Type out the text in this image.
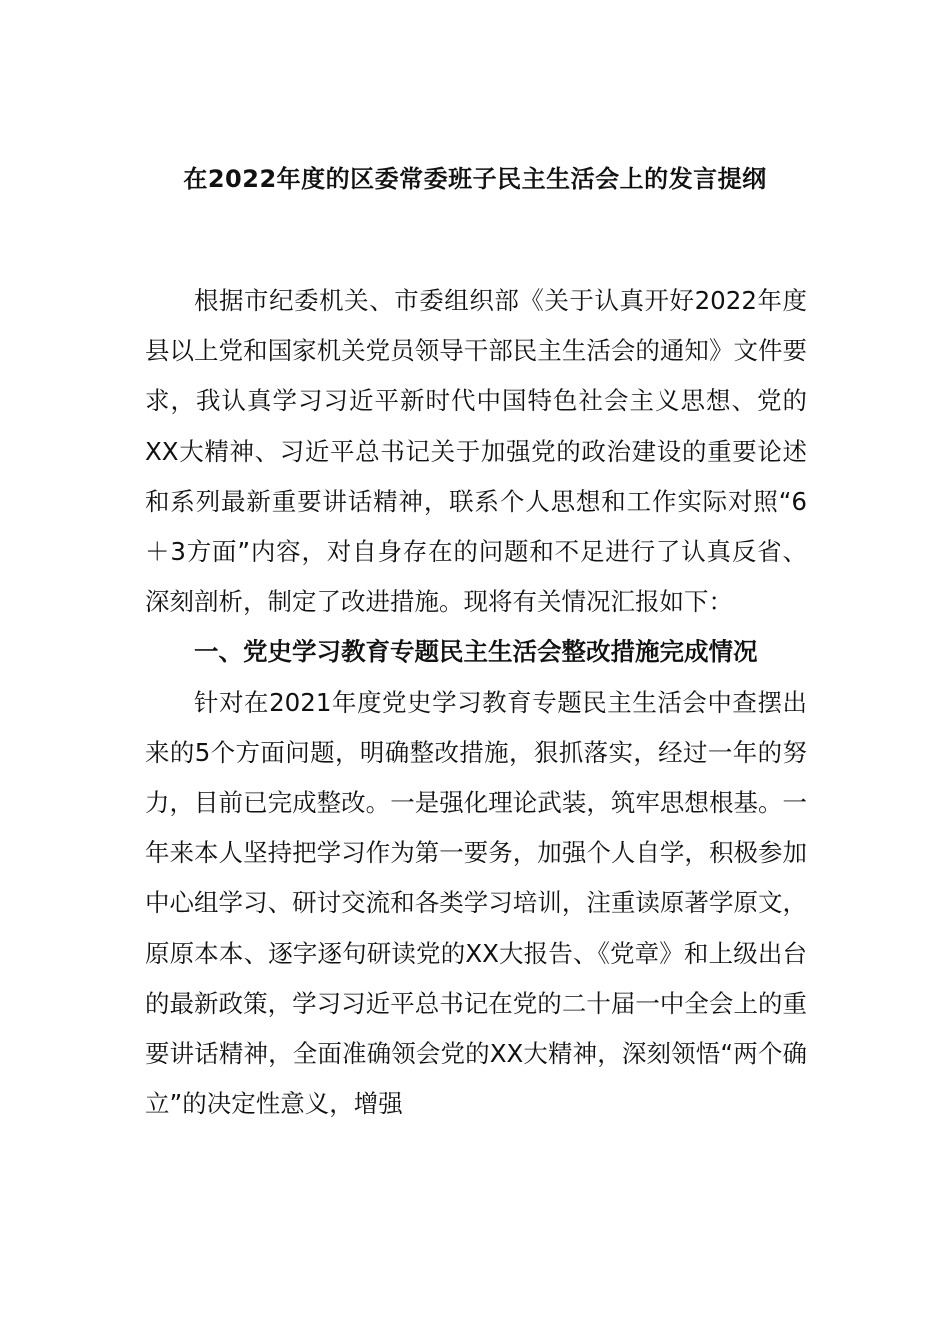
在2022年度的区委常委班子民主生活会上的发言提纲

根据市纪委机关、市委组织部《关于认真开好2022年度县以上党和国家机关党员领导干部民主生活会的通知》文件要求，我认真学习习近平新时代中国特色社会主义思想、党的XX大精神、习近平总书记关于加强党的政治建设的重要论述和系列最新重要讲话精神，联系个人思想和工作实际对照“6＋3方面”内容，对自身存在的问题和不足进行了认真反省、深刻剖析，制定了改进措施。现将有关情况汇报如下：

一、党史学习教育专题民主生活会整改措施完成情况

针对在2021年度党史学习教育专题民主生活会中查摆出来的5个方面问题，明确整改措施，狠抓落实，经过一年的努力，目前已完成整改。一是强化理论武装，筑牢思想根基。一年来本人坚持把学习作为第一要务，加强个人自学，积极参加中心组学习、研讨交流和各类学习培训，注重读原著学原文，原原本本、逐字逐句研读党的XX大报告、《党章》和上级出台的最新政策，学习习近平总书记在党的二十届一中全会上的重要讲话精神，全面准确领会党的XX大精神，深刻领悟“两个确立”的决定性意义，增强
